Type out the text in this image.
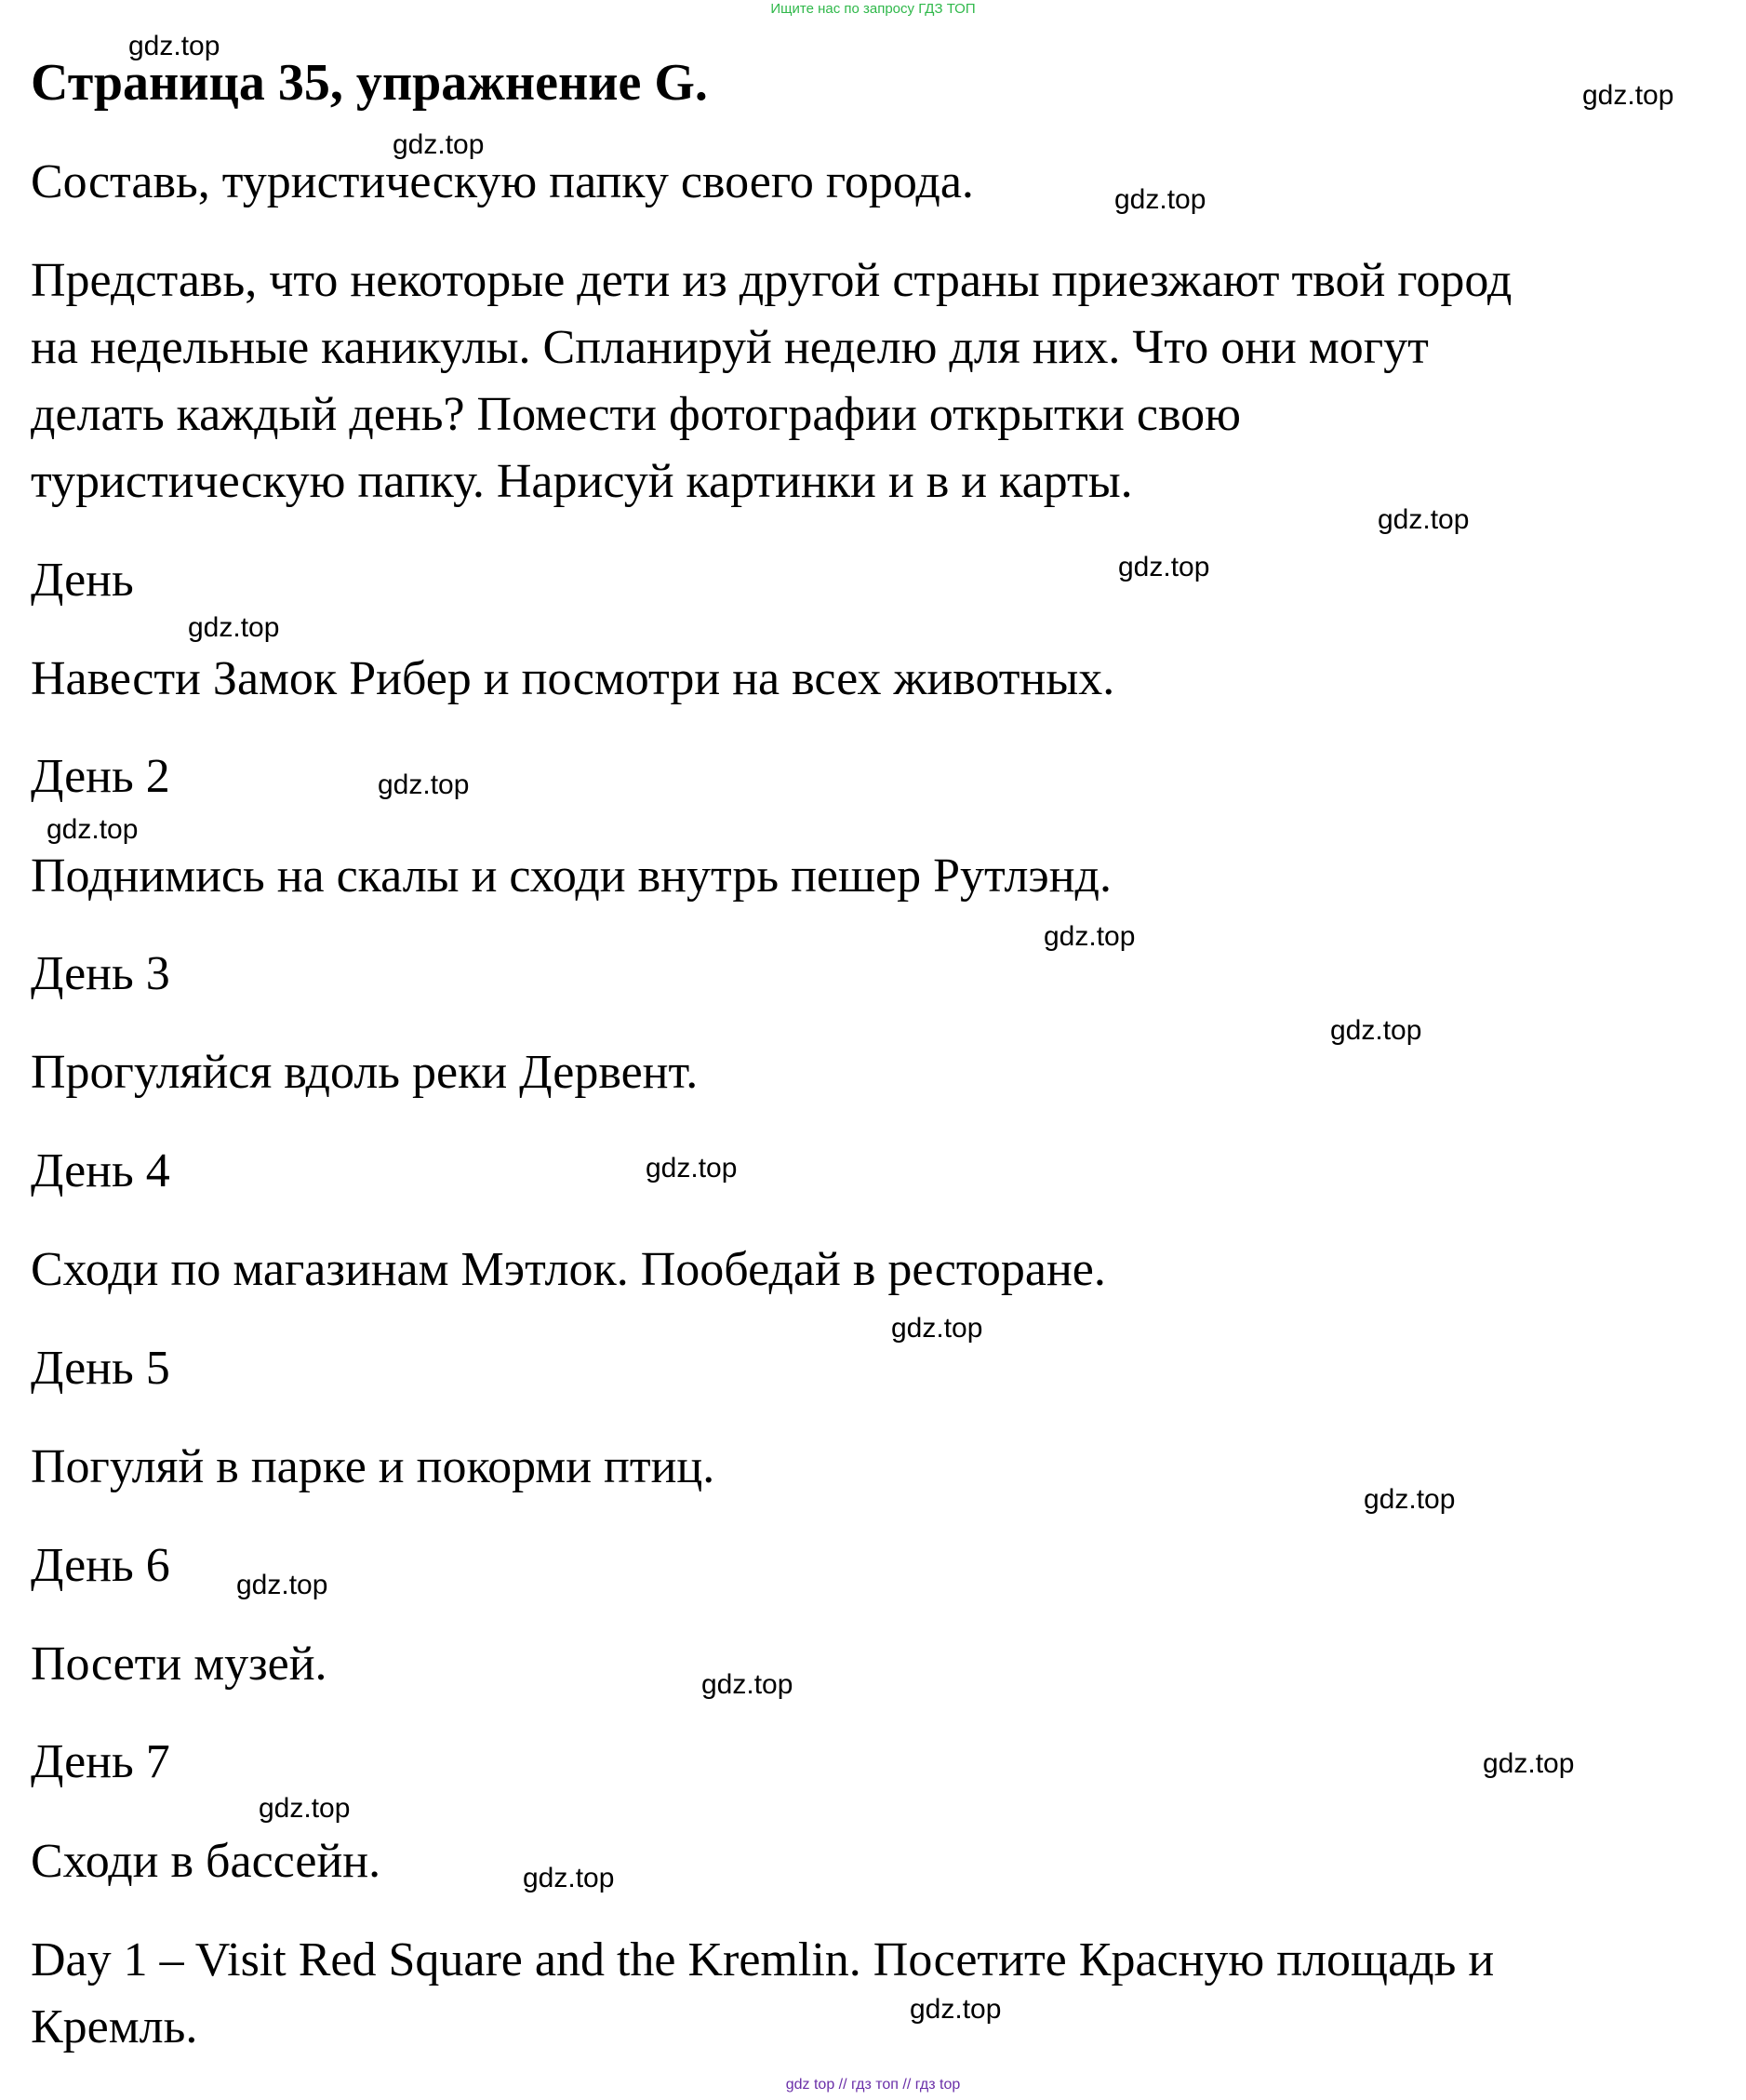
Ищите нас по запросу ГДЗ ТОП
Страница 35, упражнение G.
Составь, туристическую папку своего города.
Представь, что некоторые дети из другой страны приезжают твой город
на недельные каникулы. Спланируй неделю для них. Что они могут
делать каждый день? Помести фотографии открытки свою
туристическую папку. Нарисуй картинки и в и карты.
День
Навести Замок Рибер и посмотри на всех животных.
День 2
Поднимись на скалы и сходи внутрь пешер Рутлэнд.
День 3
Прогуляйся вдоль реки Дервент.
День 4
Сходи по магазинам Мэтлок. Пообедай в ресторане.
День 5
Погуляй в парке и покорми птиц.
День 6
Посети музей.
День 7
Сходи в бассейн.
Day 1 – Visit Red Square and the Kremlin. Посетите Красную площадь и
Кремль.
gdz.top
gdz.top
gdz.top
gdz.top
gdz.top
gdz.top
gdz.top
gdz.top
gdz.top
gdz.top
gdz.top
gdz.top
gdz.top
gdz.top
gdz.top
gdz.top
gdz.top
gdz.top
gdz.top
gdz.top
gdz top // гдз топ // гдз top
